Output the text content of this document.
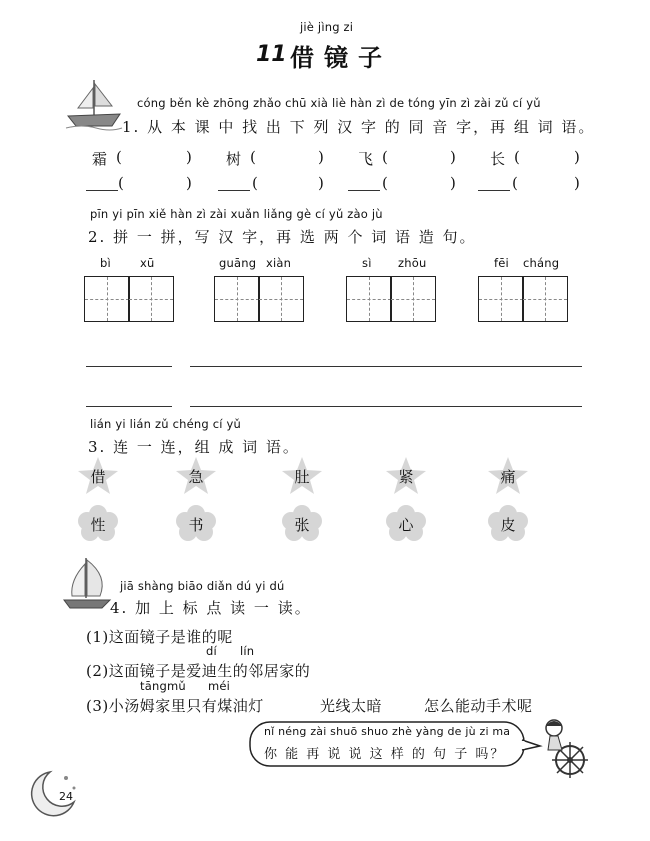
jiè jìng zi
11 借镜子
cóng běn kè zhōng zhǎo chū xià liè hàn zì de tóng yīn zì zài zǔ cí yǔ
1. 从 本 课 中 找 出 下 列 汉 字 的 同 音 字，再 组 词 语。
霜 (	) 树 (	) 飞 (	) 长 (	)
(	)	(	)	(	)	(	)
pīn yi pīn xiě hàn zì zài xuǎn liǎng gè cí yǔ zào jù
2. 拼 一 拼，写 汉 字，再 选 两 个 词 语 造 句。
bì	xū	guāng xiàn	sì zhōu	fēi cháng
lián yi lián zǔ chéng cí yǔ
3. 连 一 连，组 成 词 语。
借	急	肚	紧	痛
性	书	张	心	皮
jiā shàng biāo diǎn dú yi dú
4. 加 上 标 点 读 一 读。
(1)这面镜子是谁的呢
dí lín
(2)这面镜子是爱迪生的邻居家的
tāngmǔ méi
(3)小汤姆家里只有煤油灯	光线太暗	怎么能动手术呢
nǐ néng zài shuō shuo zhè yàng de jù zi ma
你 能 再 说 说 这 样 的 句 子 吗？
24
